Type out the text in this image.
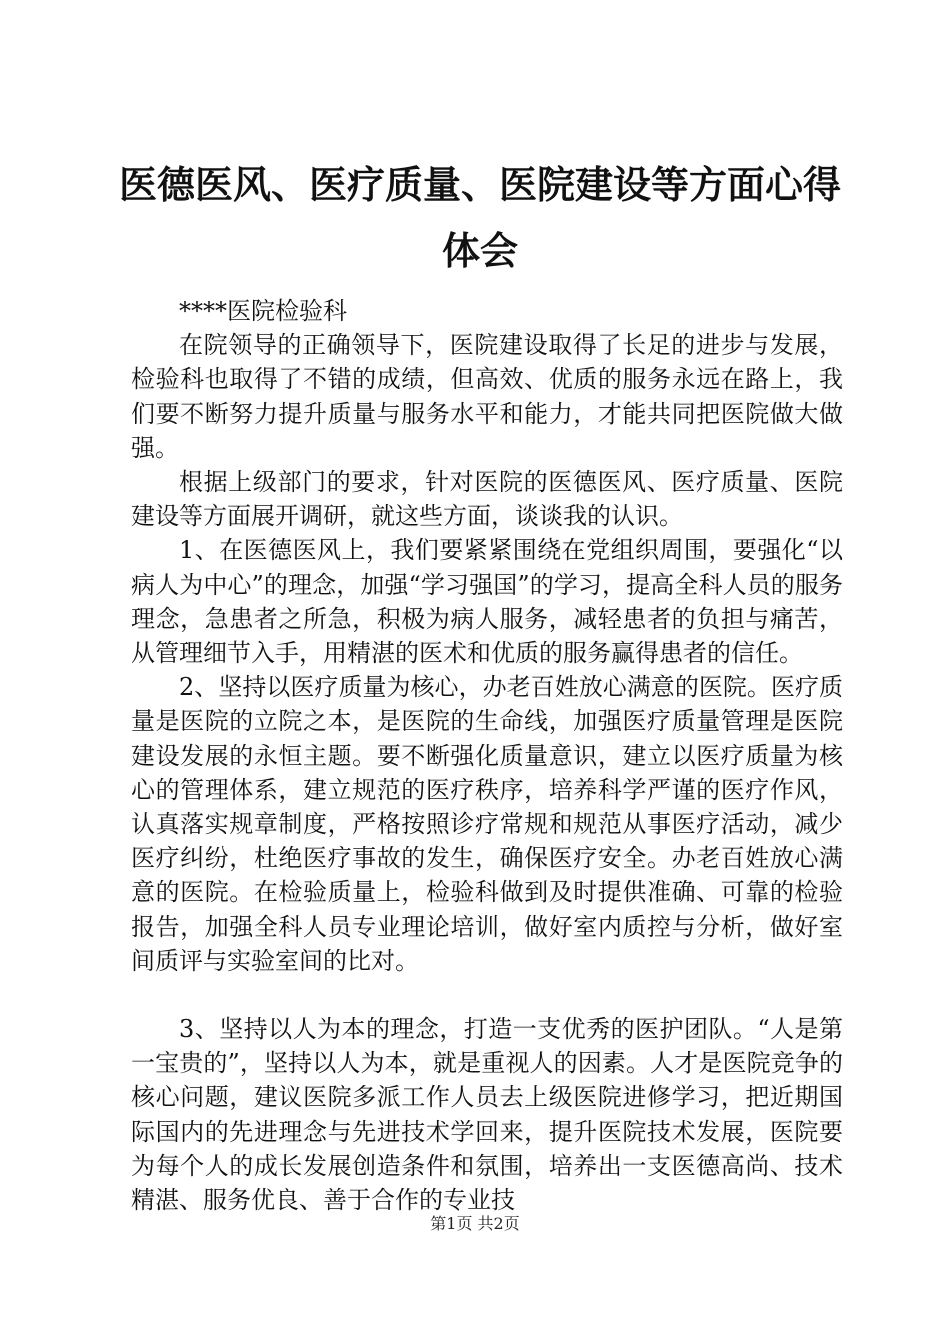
医德医风、医疗质量、医院建设等方面心得体会

****医院检验科

在院领导的正确领导下，医院建设取得了长足的进步与发展，检验科也取得了不错的成绩，但高效、优质的服务永远在路上，我们要不断努力提升质量与服务水平和能力，才能共同把医院做大做强。

根据上级部门的要求，针对医院的医德医风、医疗质量、医院建设等方面展开调研，就这些方面，谈谈我的认识。

1、在医德医风上，我们要紧紧围绕在党组织周围，要强化“以病人为中心”的理念，加强“学习强国”的学习，提高全科人员的服务理念，急患者之所急，积极为病人服务，减轻患者的负担与痛苦，从管理细节入手，用精湛的医术和优质的服务赢得患者的信任。

2、坚持以医疗质量为核心，办老百姓放心满意的医院。医疗质量是医院的立院之本，是医院的生命线，加强医疗质量管理是医院建设发展的永恒主题。要不断强化质量意识，建立以医疗质量为核心的管理体系，建立规范的医疗秩序，培养科学严谨的医疗作风，认真落实规章制度，严格按照诊疗常规和规范从事医疗活动，减少医疗纠纷，杜绝医疗事故的发生，确保医疗安全。办老百姓放心满意的医院。在检验质量上，检验科做到及时提供准确、可靠的检验报告，加强全科人员专业理论培训，做好室内质控与分析，做好室间质评与实验室间的比对。

3、坚持以人为本的理念，打造一支优秀的医护团队。“人是第一宝贵的”，坚持以人为本，就是重视人的因素。人才是医院竞争的核心问题，建议医院多派工作人员去上级医院进修学习，把近期国际国内的先进理念与先进技术学回来，提升医院技术发展，医院要为每个人的成长发展创造条件和氛围，培养出一支医德高尚、技术精湛、服务优良、善于合作的专业技

第1页 共2页
